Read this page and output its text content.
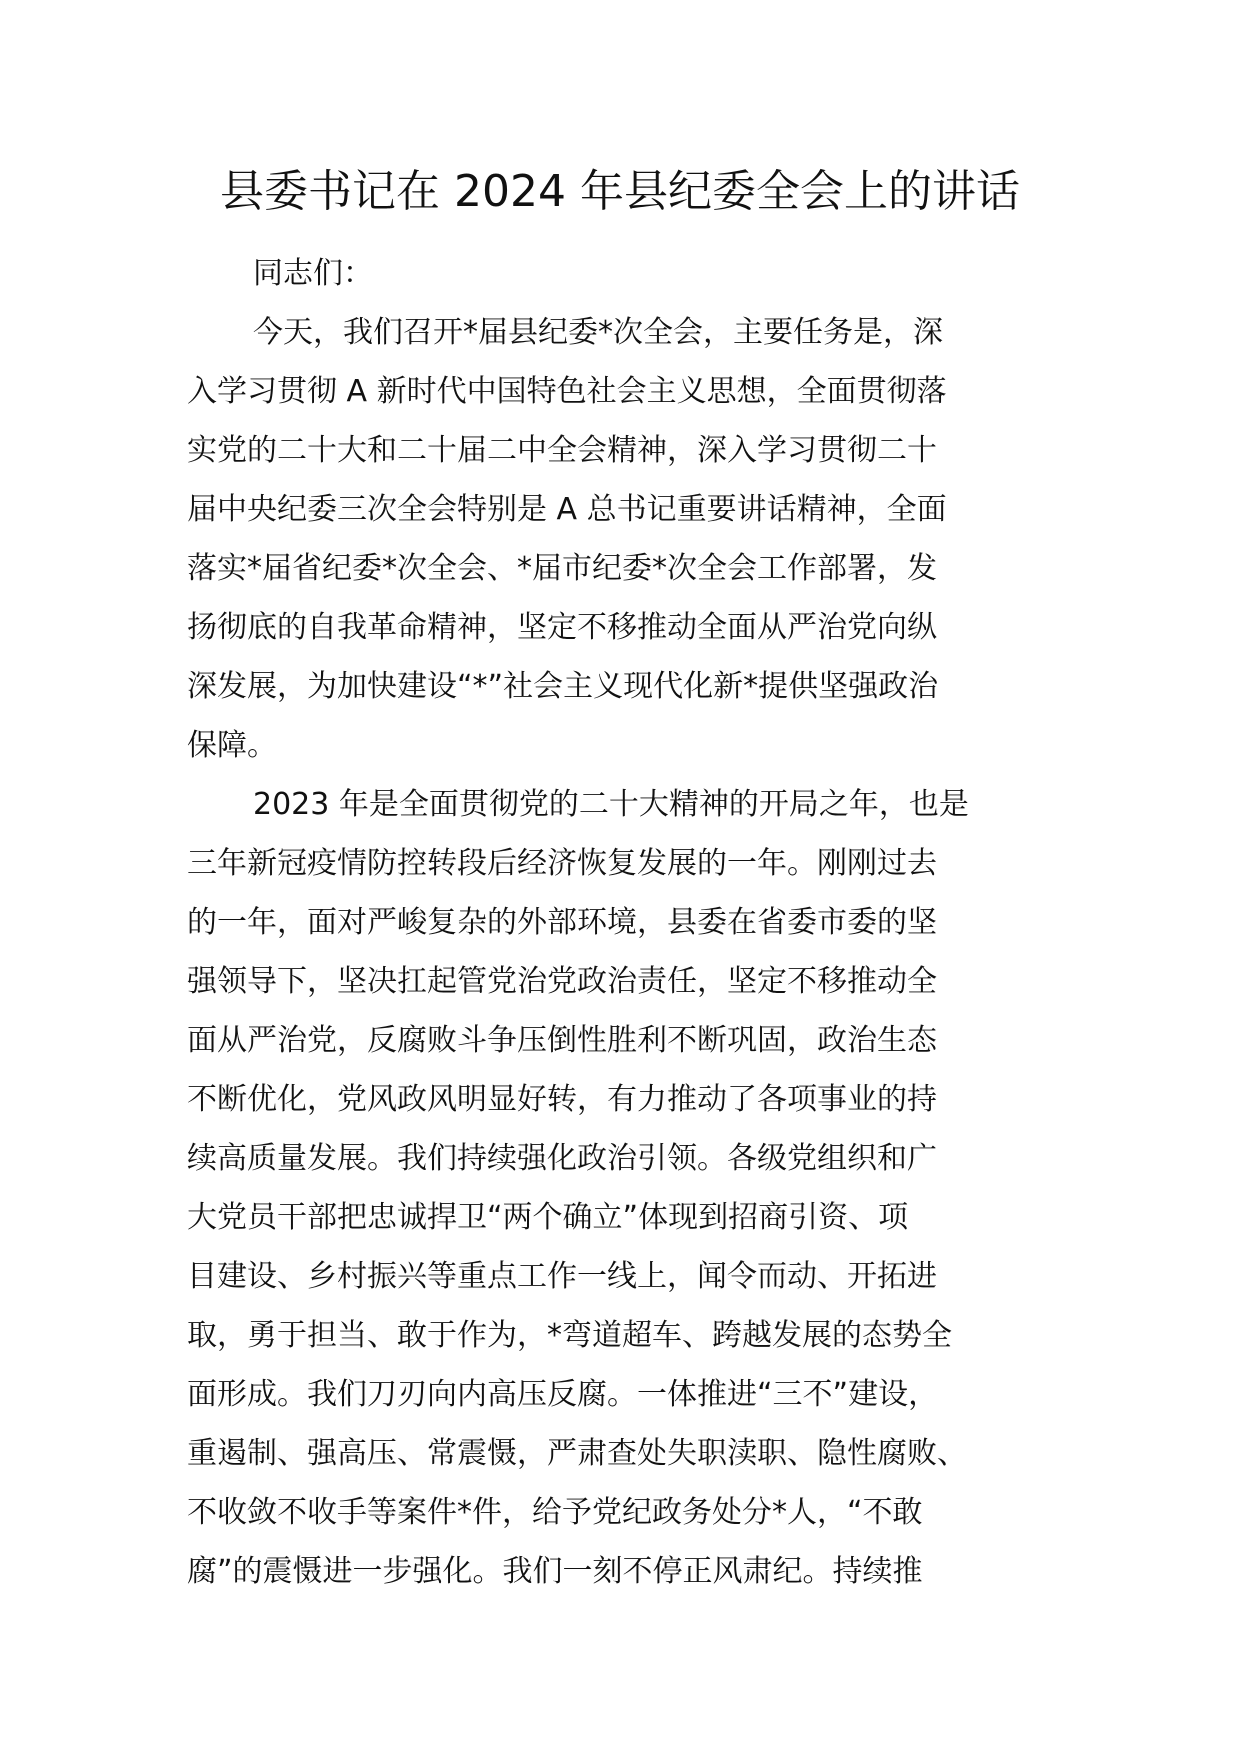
县委书记在 2024 年县纪委全会上的讲话

同志们：

今天，我们召开*届县纪委*次全会，主要任务是，深

入学习贯彻 A 新时代中国特色社会主义思想，全面贯彻落

实党的二十大和二十届二中全会精神，深入学习贯彻二十

届中央纪委三次全会特别是 A 总书记重要讲话精神，全面

落实*届省纪委*次全会、*届市纪委*次全会工作部署，发

扬彻底的自我革命精神，坚定不移推动全面从严治党向纵

深发展，为加快建设“*”社会主义现代化新*提供坚强政治

保障。

2023 年是全面贯彻党的二十大精神的开局之年，也是

三年新冠疫情防控转段后经济恢复发展的一年。刚刚过去

的一年，面对严峻复杂的外部环境，县委在省委市委的坚

强领导下，坚决扛起管党治党政治责任，坚定不移推动全

面从严治党，反腐败斗争压倒性胜利不断巩固，政治生态

不断优化，党风政风明显好转，有力推动了各项事业的持

续高质量发展。我们持续强化政治引领。各级党组织和广

大党员干部把忠诚捍卫“两个确立”体现到招商引资、项

目建设、乡村振兴等重点工作一线上，闻令而动、开拓进

取，勇于担当、敢于作为，*弯道超车、跨越发展的态势全

面形成。我们刀刃向内高压反腐。一体推进“三不”建设，

重遏制、强高压、常震慑，严肃查处失职渎职、隐性腐败、

不收敛不收手等案件*件，给予党纪政务处分*人，“不敢

腐”的震慑进一步强化。我们一刻不停正风肃纪。持续推
